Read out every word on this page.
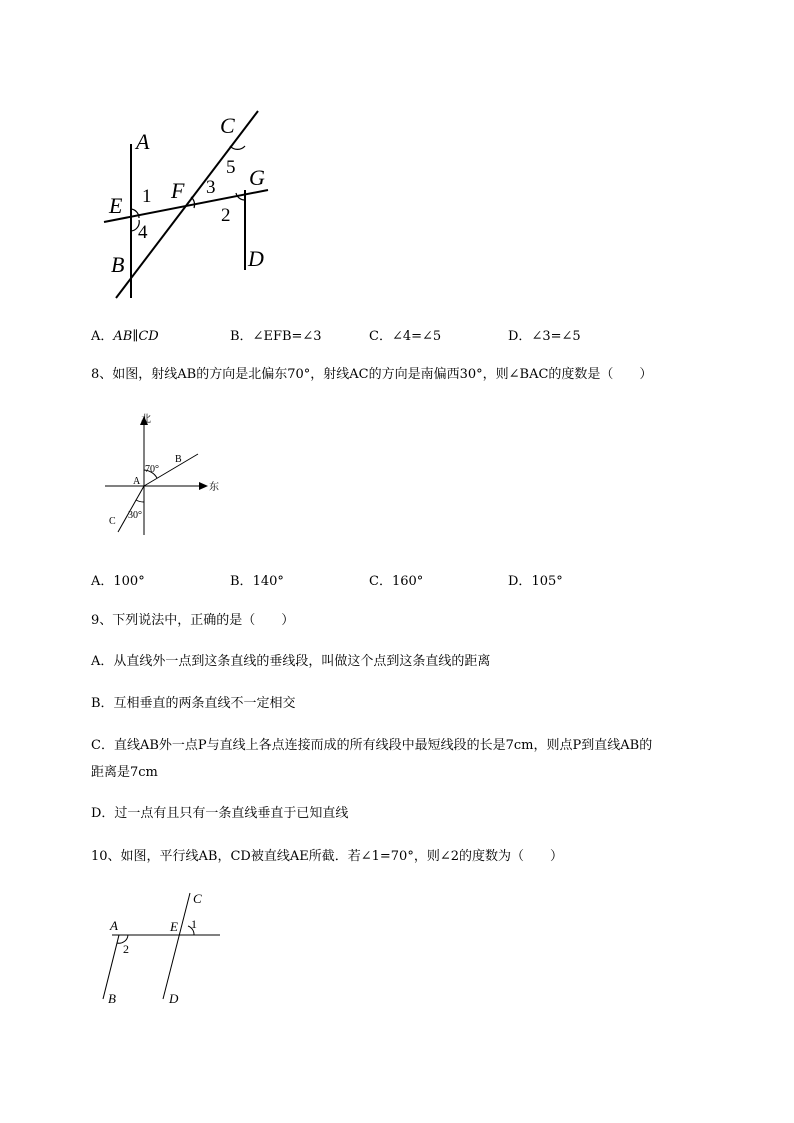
A
B
C
D
E
F
G
1
2
3
4
5
A．AB∥CD	B．∠EFB=∠3	C．∠4=∠5	D．∠3=∠5
8、如图，射线AB的方向是北偏东70°，射线AC的方向是南偏西30°，则∠BAC的度数是（　　）
北
东
A
B
C
70°
30°
A．100°	B．140°	C．160°	D．105°
9、下列说法中，正确的是（　　）
A．从直线外一点到这条直线的垂线段，叫做这个点到这条直线的距离
B．互相垂直的两条直线不一定相交
C．直线AB外一点P与直线上各点连接而成的所有线段中最短线段的长是7cm，则点P到直线AB的
距离是7cm
D．过一点有且只有一条直线垂直于已知直线
10、如图，平行线AB，CD被直线AE所截．若∠1=70°，则∠2的度数为（　　）
A
B
C
D
E 1
2
